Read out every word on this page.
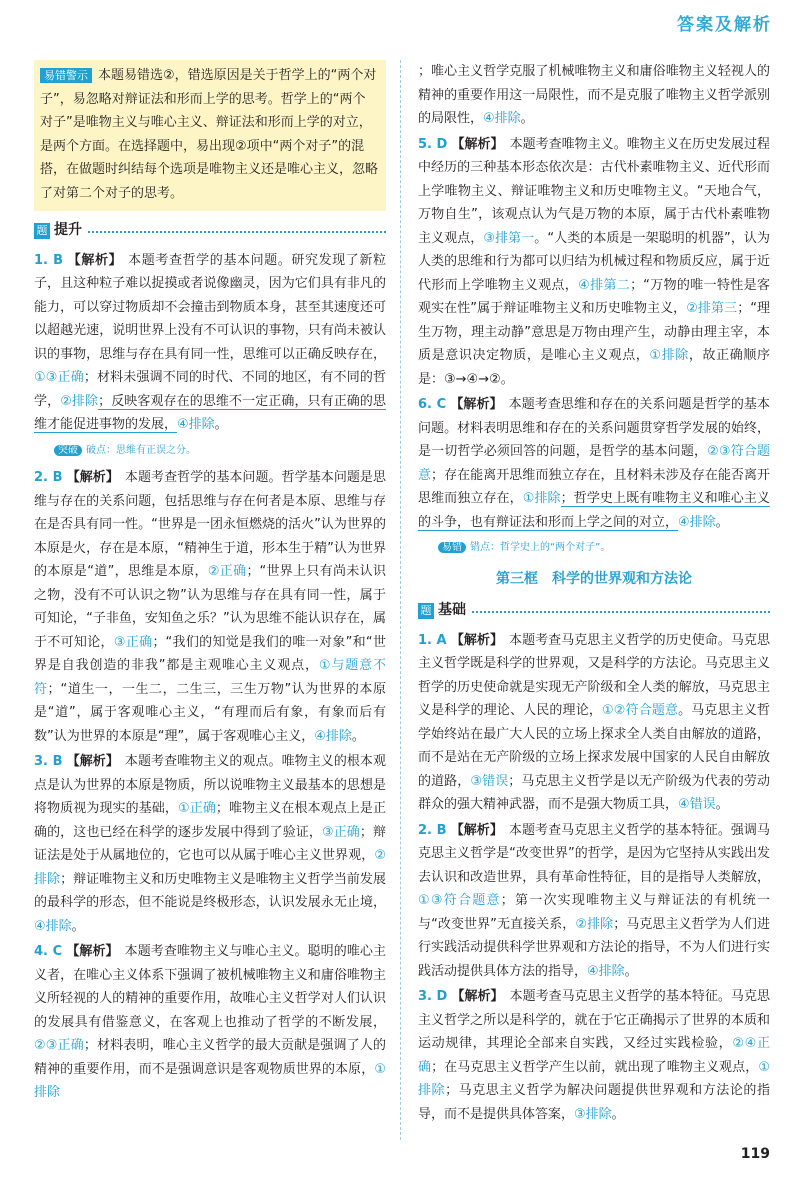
答案及解析
易错警示 本题易错选②，错选原因是关于哲学上的“两个对子”，易忽略对辩证法和形而上学的思考。哲学上的“两个对子”是唯物主义与唯心主义、辩证法和形而上学的对立，是两个方面。在选择题中，易出现②项中“两个对子”的混搭，在做题时纠结每个选项是唯物主义还是唯心主义，忽略了对第二个对子的思考。
题 提升
1. B 【解析】 本题考查哲学的基本问题。研究发现了新粒子，且这种粒子难以捉摸或者说像幽灵，因为它们具有非凡的能力，可以穿过物质却不会撞击到物质本身，甚至其速度还可以超越光速，说明世界上没有不可认识的事物，只有尚未被认识的事物，思维与存在具有同一性，思维可以正确反映存在，①③正确；材料未强调不同的时代、不同的地区，有不同的哲学，②排除；反映客观存在的思维不一定正确，只有正确的思维才能促进事物的发展，④排除。
突破 破点：思维有正误之分。
2. B 【解析】 本题考查哲学的基本问题。哲学基本问题是思维与存在的关系问题，包括思维与存在何者是本原、思维与存在是否具有同一性。“世界是一团永恒燃烧的活火”认为世界的本原是火，存在是本原，“精神生于道，形本生于精”认为世界的本原是“道”，思维是本原，②正确；“世界上只有尚未认识之物，没有不可认识之物”认为思维与存在具有同一性，属于可知论，“子非鱼，安知鱼之乐？”认为思维不能认识存在，属于不可知论，③正确；“我们的知觉是我们的唯一对象”和“世界是自我创造的非我”都是主观唯心主义观点，①与题意不符；“道生一，一生二，二生三，三生万物”认为世界的本原是“道”，属于客观唯心主义，“有理而后有象，有象而后有数”认为世界的本原是“理”，属于客观唯心主义，④排除。
3. B 【解析】 本题考查唯物主义的观点。唯物主义的根本观点是认为世界的本原是物质，所以说唯物主义最基本的思想是将物质视为现实的基础，①正确；唯物主义在根本观点上是正确的，这也已经在科学的逐步发展中得到了验证，③正确；辩证法是处于从属地位的，它也可以从属于唯心主义世界观，②排除；辩证唯物主义和历史唯物主义是唯物主义哲学当前发展的最科学的形态，但不能说是终极形态，认识发展永无止境，④排除。
4. C 【解析】 本题考查唯物主义与唯心主义。聪明的唯心主义者，在唯心主义体系下强调了被机械唯物主义和庸俗唯物主义所轻视的人的精神的重要作用，故唯心主义哲学对人们认识的发展具有借鉴意义，在客观上也推动了哲学的不断发展，②③正确；材料表明，唯心主义哲学的最大贡献是强调了人的精神的重要作用，而不是强调意识是客观物质世界的本原，①排除
；唯心主义哲学克服了机械唯物主义和庸俗唯物主义轻视人的精神的重要作用这一局限性，而不是克服了唯物主义哲学派别的局限性，④排除。
5. D 【解析】 本题考查唯物主义。唯物主义在历史发展过程中经历的三种基本形态依次是：古代朴素唯物主义、近代形而上学唯物主义、辩证唯物主义和历史唯物主义。“天地合气，万物自生”，该观点认为气是万物的本原，属于古代朴素唯物主义观点，③排第一。“人类的本质是一架聪明的机器”，认为人类的思维和行为都可以归结为机械过程和物质反应，属于近代形而上学唯物主义观点，④排第二；“万物的唯一特性是客观实在性”属于辩证唯物主义和历史唯物主义，②排第三；“理生万物，理主动静”意思是万物由理产生，动静由理主宰，本质是意识决定物质，是唯心主义观点，①排除，故正确顺序是：③→④→②。
6. C 【解析】 本题考查思维和存在的关系问题是哲学的基本问题。材料表明思维和存在的关系问题贯穿哲学发展的始终，是一切哲学必须回答的问题，是哲学的基本问题，②③符合题意；存在能离开思维而独立存在，且材料未涉及存在能否离开思维而独立存在，①排除；哲学史上既有唯物主义和唯心主义的斗争，也有辩证法和形而上学之间的对立，④排除。
易错 错点：哲学史上的“两个对子”。
第三框　科学的世界观和方法论
题 基础
1. A 【解析】 本题考查马克思主义哲学的历史使命。马克思主义哲学既是科学的世界观，又是科学的方法论。马克思主义哲学的历史使命就是实现无产阶级和全人类的解放，马克思主义是科学的理论、人民的理论，①②符合题意。马克思主义哲学始终站在最广大人民的立场上探求全人类自由解放的道路，而不是站在无产阶级的立场上探求发展中国家的人民自由解放的道路，③错误；马克思主义哲学是以无产阶级为代表的劳动群众的强大精神武器，而不是强大物质工具，④错误。
2. B 【解析】 本题考查马克思主义哲学的基本特征。强调马克思主义哲学是“改变世界”的哲学，是因为它坚持从实践出发去认识和改造世界，具有革命性特征，目的是指导人类解放，①③符合题意；第一次实现唯物主义与辩证法的有机统一与“改变世界”无直接关系，②排除；马克思主义哲学为人们进行实践活动提供科学世界观和方法论的指导，不为人们进行实践活动提供具体方法的指导，④排除。
3. D 【解析】 本题考查马克思主义哲学的基本特征。马克思主义哲学之所以是科学的，就在于它正确揭示了世界的本质和运动规律，其理论全部来自实践，又经过实践检验，②④正确；在马克思主义哲学产生以前，就出现了唯物主义观点，①排除；马克思主义哲学为解决问题提供世界观和方法论的指导，而不是提供具体答案，③排除。
119
